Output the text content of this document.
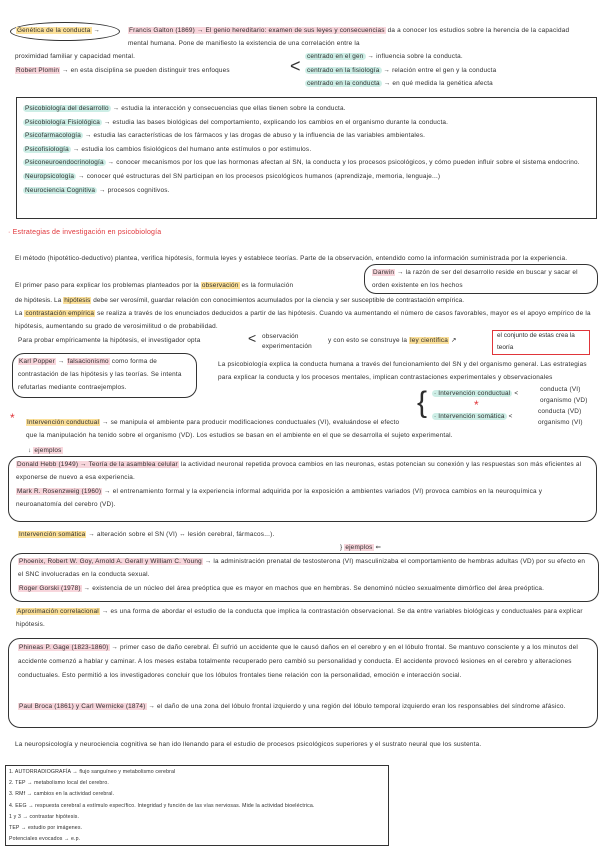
Genética de la conducta →	Francis Galton (1869) → El genio hereditario: examen de sus leyes y consecuencias da a conocer los estudios sobre la herencia de la capacidad mental humana. Pone de manifiesto la existencia de una correlación entre la
proximidad familiar y capacidad mental.
Robert Plomin → en esta disciplina se pueden distinguir tres enfoques	< centrado en el gen → influencia sobre la conducta.
centrado en la fisiología → relación entre el gen y la conducta
centrado en la conducta → en qué medida la genética afecta
Psicobiología del desarrollo → estudia la interacción y consecuencias que ellas tienen sobre la conducta.
Psicobiología Fisiológica → estudia las bases biológicas del comportamiento, explicando los cambios en el organismo durante la conducta.
Psicofarmacología → estudia las características de los fármacos y las drogas de abuso y la influencia de las variables ambientales.
Psicofisiología → estudia los cambios fisiológicos del humano ante estímulos o por estímulos.
Psiconeuroendocrinología → conocer mecanismos por los que las hormonas afectan al SN, la conducta y los procesos psicológicos, y cómo pueden influir sobre el sistema endocrino.
Neuropsicología → conocer qué estructuras del SN participan en los procesos psicológicos humanos (aprendizaje, memoria, lenguaje...)
Neurociencia Cognitiva → procesos cognitivos.
· Estrategias de investigación en psicobiología
El método (hipotético-deductivo) plantea, verifica hipótesis, formula leyes y establece teorías. Parte de la observación, entendido como la información suministrada por la experiencia.
El primer paso para explicar los problemas planteados por la observación es la formulación
Darwin → la razón de ser del desarrollo reside en buscar y sacar el orden existente en los hechos
de hipótesis. La hipótesis debe ser verosímil, guardar relación con conocimientos acumulados por la ciencia y ser susceptible de contrastación empírica.
La contrastación empírica se realiza a través de los enunciados deducidos a partir de las hipótesis. Cuando va aumentando el número de casos favorables, mayor es el apoyo empírico de la hipótesis, aumentando su grado de verosimilitud o de probabilidad.
Para probar empíricamente la hipótesis, el investigador opta	< observación
experimentación
y con esto se construye la ley científica ↗
el conjunto de estas crea la teoría
Karl Popper → falsacionismo como forma de contrastación de las hipótesis y las teorías. Se intenta refutarlas mediante contraejemplos.
La psicobiología explica la conducta humana a través del funcionamiento del SN y del organismo general. Las estrategias para explicar la conducta y los procesos mentales, implican contrastaciones experimentales y observacionales
{	· Intervención conductual <
conducta (VI)
organismo (VD)
*
· Intervención somática <
conducta (VD)
organismo (VI)
* Intervención conductual → se manipula el ambiente para producir modificaciones conductuales (VI), evaluándose el efecto que la manipulación ha tenido sobre el organismo (VD). Los estudios se basan en el ambiente en el que se desarrolla el sujeto experimental.
↓ ejemplos
Donald Hebb (1949) → Teoría de la asamblea celular la actividad neuronal repetida provoca cambios en las neuronas, estas potencian su conexión y las respuestas son más eficientes al exponerse de nuevo a esa experiencia.
Mark R. Rosenzweig (1960) → el entrenamiento formal y la experiencia informal adquirida por la exposición a ambientes variados (VI) provoca cambios en la neuroquímica y neuroanatomía del cerebro (VD).
Intervención somática → alteración sobre el SN (VI) ↔ lesión cerebral, fármacos...).
} ejemplos ⇐
Phoenix, Robert W. Goy, Arnold A. Gerall y William C. Young → la administración prenatal de testosterona (VI) masculinizaba el comportamiento de hembras adultas (VD) por su efecto en el SNC involucradas en la conducta sexual.
Roger Gorski (1978) → existencia de un núcleo del área preóptica que es mayor en machos que en hembras. Se denominó núcleo sexualmente dimórfico del área preóptica.
Aproximación correlacional → es una forma de abordar el estudio de la conducta que implica la contrastación observacional. Se da entre variables biológicas y conductuales para explicar hipótesis.
Phineas P. Gage (1823-1860) → primer caso de daño cerebral. Él sufrió un accidente que le causó daños en el cerebro y en el lóbulo frontal. Se mantuvo consciente y a los minutos del accidente comenzó a hablar y caminar. A los meses estaba totalmente recuperado pero cambió su personalidad y conducta. El accidente provocó lesiones en el cerebro y alteraciones conductuales. Esto permitió a los investigadores concluir que los lóbulos frontales tiene relación con la personalidad, emoción e interacción social.
Paul Broca (1861) y Carl Wernicke (1874) → el daño de una zona del lóbulo frontal izquierdo y una región del lóbulo temporal izquierdo eran los responsables del síndrome afásico.
La neuropsicología y neurociencia cognitiva se han ido llenando para el estudio de procesos psicológicos superiores y el sustrato neural que los sustenta.
1. AUTORRADIOGRAFÍA → flujo sanguíneo y metabolismo cerebral
2. TEP → metabolismo local del cerebro.
3. RMf → cambios en la actividad cerebral.
4. EEG → respuesta cerebral a estímulo específico. Integridad y función de las vías nerviosas. Mide la actividad bioeléctrica.
1 y 3 → contrastar hipótesis.
TEP → estudio por imágenes.
Potenciales evocados → e.p.
